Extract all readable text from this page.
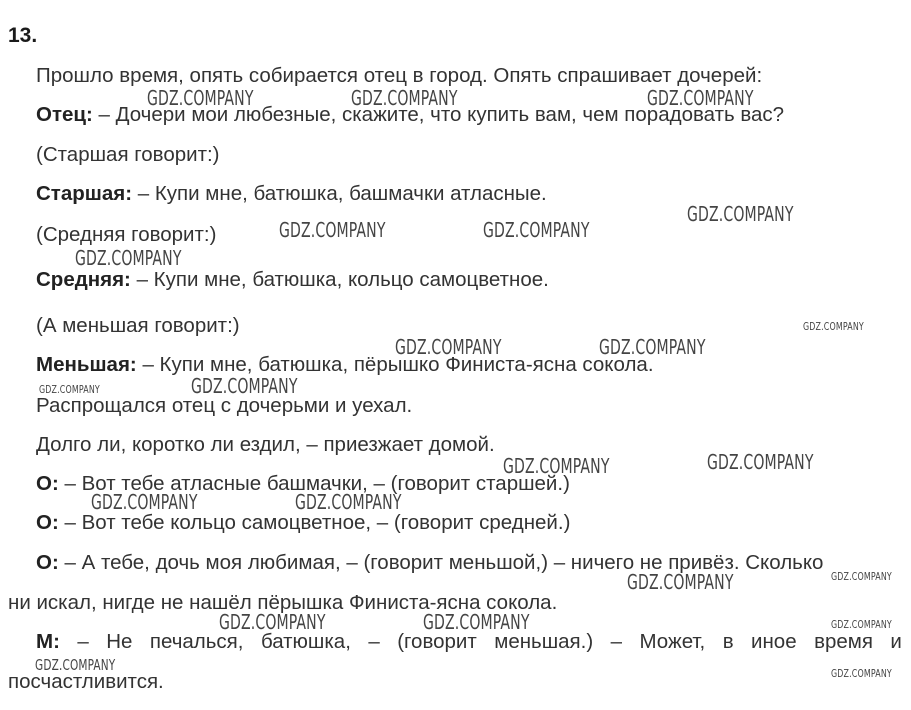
13.
Прошло время, опять собирается отец в город. Опять спрашивает дочерей:
Отец: – Дочери мои любезные, скажите, что купить вам, чем порадовать вас?
(Старшая говорит:)
Старшая: – Купи мне, батюшка, башмачки атласные.
(Средняя говорит:)
Средняя: – Купи мне, батюшка, кольцо самоцветное.
(А меньшая говорит:)
Меньшая: – Купи мне, батюшка, пёрышко Финиста-ясна сокола.
Распрощался отец с дочерьми и уехал.
Долго ли, коротко ли ездил, – приезжает домой.
О: – Вот тебе атласные башмачки, – (говорит старшей.)
О: – Вот тебе кольцо самоцветное, – (говорит средней.)
О: – А тебе, дочь моя любимая, – (говорит меньшой,) – ничего не привёз. Сколько
ни искал, нигде не нашёл пёрышка Финиста-ясна сокола.
М: – Не печалься, батюшка, – (говорит меньшая.) – Может, в иное время и
посчастливится.
GDZ.COMPANY	GDZ.COMPANY	GDZ.COMPANY
GDZ.COMPANY
GDZ.COMPANY	GDZ.COMPANY
GDZ.COMPANY
GDZ.COMPANY
GDZ.COMPANY	GDZ.COMPANY
GDZ.COMPANY
GDZ.COMPANY
GDZ.COMPANY
GDZ.COMPANY
GDZ.COMPANY	GDZ.COMPANY
GDZ.COMPANY
GDZ.COMPANY
GDZ.COMPANY	GDZ.COMPANY	GDZ.COMPANY
GDZ.COMPANY	GDZ.COMPANY
